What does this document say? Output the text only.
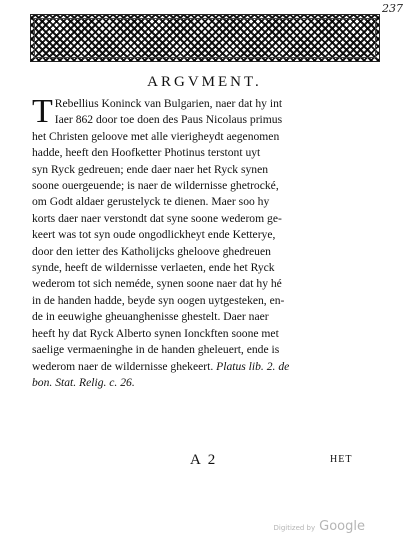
237
ARGVMENT.
T Rebellius Koninck van Bulgarien, naer dat hy int
Iaer 862 door toe doen des Paus Nicolaus primus
het Christen geloove met alle vierigheydt aegenomen
hadde, heeft den Hoofketter Photinus terstont uyt
syn Ryck gedreuen; ende daer naer het Ryck synen
soone ouergeuende; is naer de wildernisse ghetrocké,
om Godt aldaer gerustelyck te dienen. Maer soo hy
korts daer naer verstondt dat syne soone wederom ge-
keert was tot syn oude ongodlickheyt ende Ketterye,
door den ietter des Katholijcks gheloove ghedreuen
synde, heeft de wildernisse verlaeten, ende het Ryck
wederom tot sich neméde, synen soone naer dat hy hé
in de handen hadde, beyde syn oogen uytgesteken, en-
de in eeuwighe gheuanghenisse ghestelt. Daer naer
heeft hy dat Ryck Alberto synen Ionckften soone met
saelige vermaeninghe in de handen gheleuert, ende is
wederom naer de wildernisse ghekeert. Platus lib. 2. de
bon. Stat. Relig. c. 26.
A 2	HET
Digitized by Google
